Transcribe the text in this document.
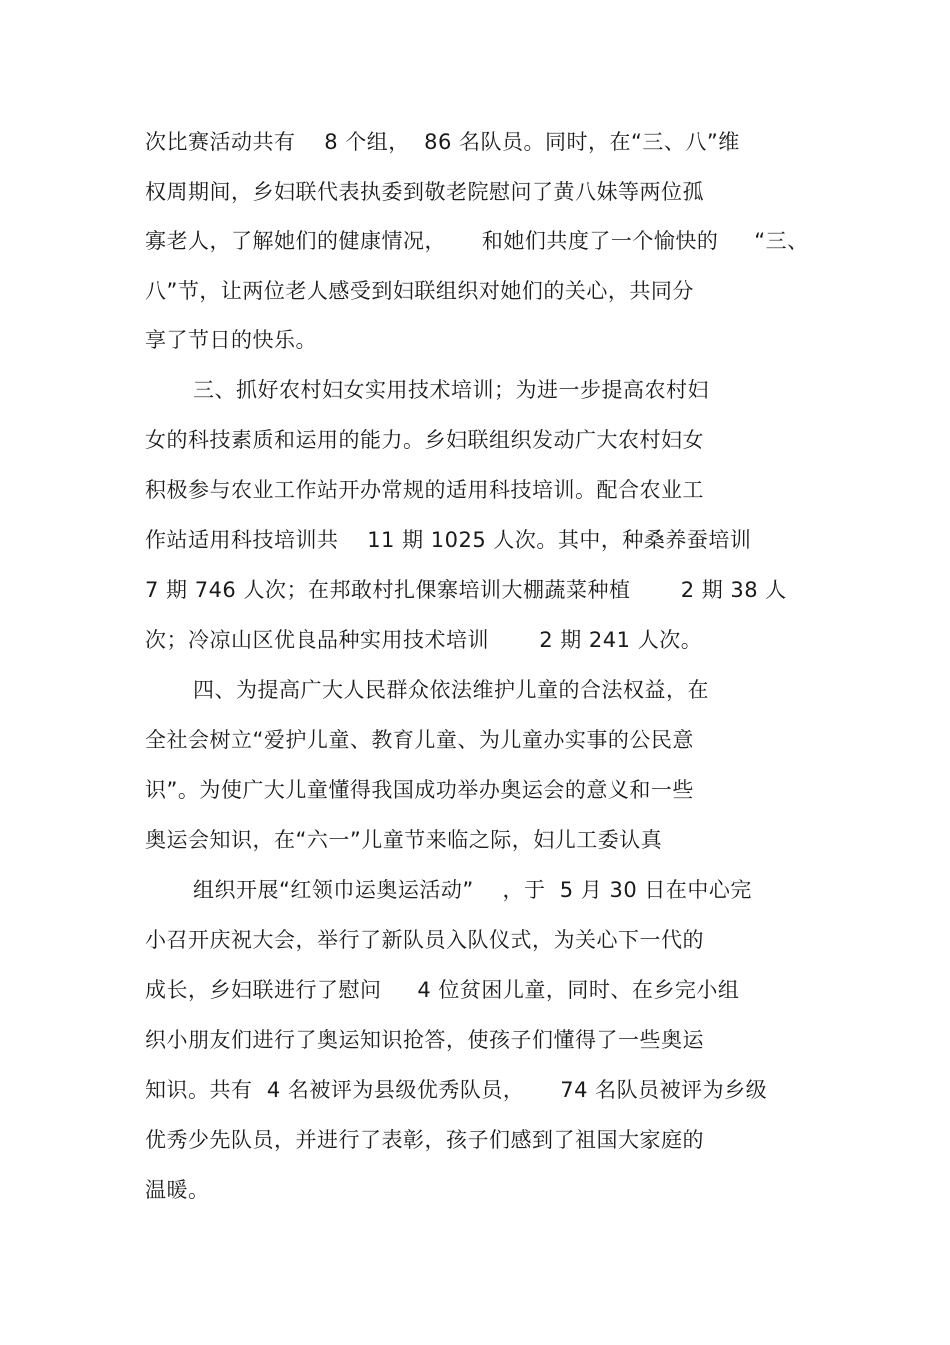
次比赛活动共有    8 个组，  86 名队员。同时，在“三、八”维
权周期间，乡妇联代表执委到敬老院慰问了黄八妹等两位孤
寡老人，了解她们的健康情况，     和她们共度了一个愉快的     “三、
八”节，让两位老人感受到妇联组织对她们的关心，共同分
享了节日的快乐。
三、抓好农村妇女实用技术培训；为进一步提高农村妇
女的科技素质和运用的能力。乡妇联组织发动广大农村妇女
积极参与农业工作站开办常规的适用科技培训。配合农业工
作站适用科技培训共    11 期 1025 人次。其中，种桑养蚕培训
7 期 746 人次；在邦敢村扎倮寨培训大棚蔬菜种植       2 期 38 人
次；冷凉山区优良品种实用技术培训       2 期 241 人次。
四、为提高广大人民群众依法维护儿童的合法权益，在
全社会树立“爱护儿童、教育儿童、为儿童办实事的公民意
识”。为使广大儿童懂得我国成功举办奥运会的意义和一些
奥运会知识，在“六一”儿童节来临之际，妇儿工委认真
组织开展“红领巾运奥运活动”    ，于  5 月 30 日在中心完
小召开庆祝大会，举行了新队员入队仪式，为关心下一代的
成长，乡妇联进行了慰问     4 位贫困儿童，同时、在乡完小组
织小朋友们进行了奥运知识抢答，使孩子们懂得了一些奥运
知识。共有  4 名被评为县级优秀队员，     74 名队员被评为乡级
优秀少先队员，并进行了表彰，孩子们感到了祖国大家庭的
温暖。
